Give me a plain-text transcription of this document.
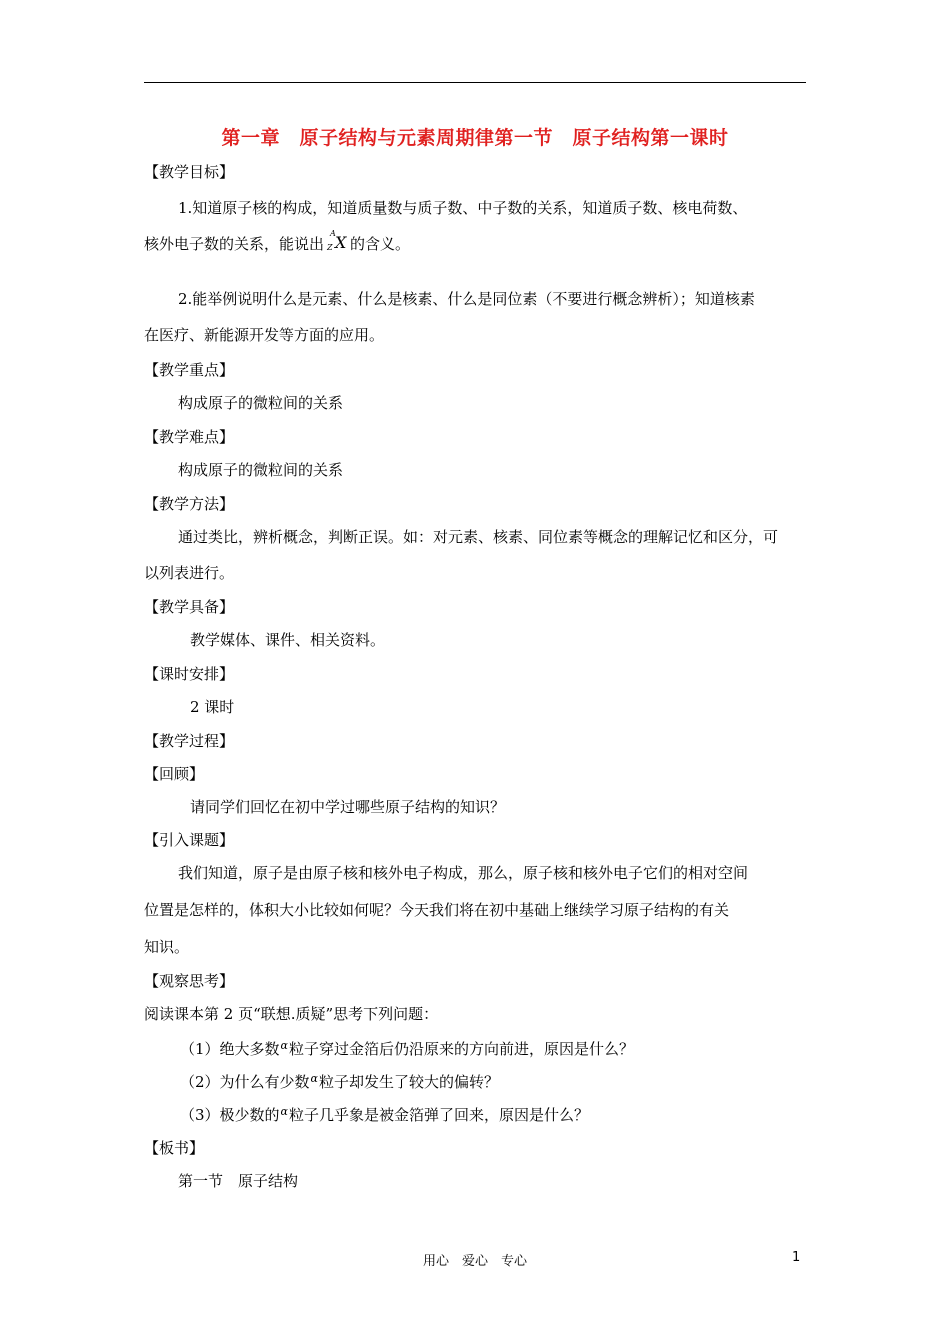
第一章　原子结构与元素周期律第一节　原子结构第一课时
【教学目标】
1.知道原子核的构成，知道质量数与质子数、中子数的关系，知道质子数、核电荷数、
核外电子数的关系，能说出
A
Z X 的含义。
2.能举例说明什么是元素、什么是核素、什么是同位素（不要进行概念辨析）；知道核素
在医疗、新能源开发等方面的应用。
【教学重点】
构成原子的微粒间的关系
【教学难点】
构成原子的微粒间的关系
【教学方法】
通过类比，辨析概念，判断正误。如：对元素、核素、同位素等概念的理解记忆和区分，可
以列表进行。
【教学具备】
教学媒体、课件、相关资料。
【课时安排】
2 课时
【教学过程】
【回顾】
请同学们回忆在初中学过哪些原子结构的知识？
【引入课题】
我们知道，原子是由原子核和核外电子构成，那么，原子核和核外电子它们的相对空间
位置是怎样的，体积大小比较如何呢？今天我们将在初中基础上继续学习原子结构的有关
知识。
【观察思考】
阅读课本第 2 页“联想.质疑”思考下列问题：
（1）绝大多数α粒子穿过金箔后仍沿原来的方向前进，原因是什么？
（2）为什么有少数α粒子却发生了较大的偏转？
（3）极少数的α粒子几乎象是被金箔弹了回来，原因是什么？
【板书】
第一节　原子结构
用心　爱心　专心	1
